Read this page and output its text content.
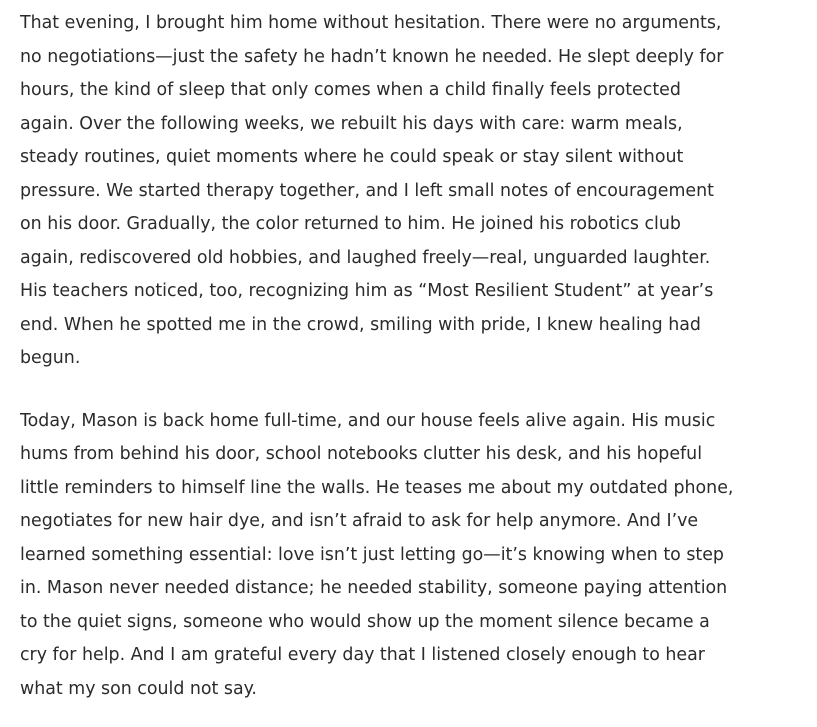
That evening, I brought him home without hesitation. There were no arguments,
no negotiations—just the safety he hadn’t known he needed. He slept deeply for
hours, the kind of sleep that only comes when a child finally feels protected
again. Over the following weeks, we rebuilt his days with care: warm meals,
steady routines, quiet moments where he could speak or stay silent without
pressure. We started therapy together, and I left small notes of encouragement
on his door. Gradually, the color returned to him. He joined his robotics club
again, rediscovered old hobbies, and laughed freely—real, unguarded laughter.
His teachers noticed, too, recognizing him as “Most Resilient Student” at year’s
end. When he spotted me in the crowd, smiling with pride, I knew healing had
begun.

Today, Mason is back home full-time, and our house feels alive again. His music
hums from behind his door, school notebooks clutter his desk, and his hopeful
little reminders to himself line the walls. He teases me about my outdated phone,
negotiates for new hair dye, and isn’t afraid to ask for help anymore. And I’ve
learned something essential: love isn’t just letting go—it’s knowing when to step
in. Mason never needed distance; he needed stability, someone paying attention
to the quiet signs, someone who would show up the moment silence became a
cry for help. And I am grateful every day that I listened closely enough to hear
what my son could not say.
